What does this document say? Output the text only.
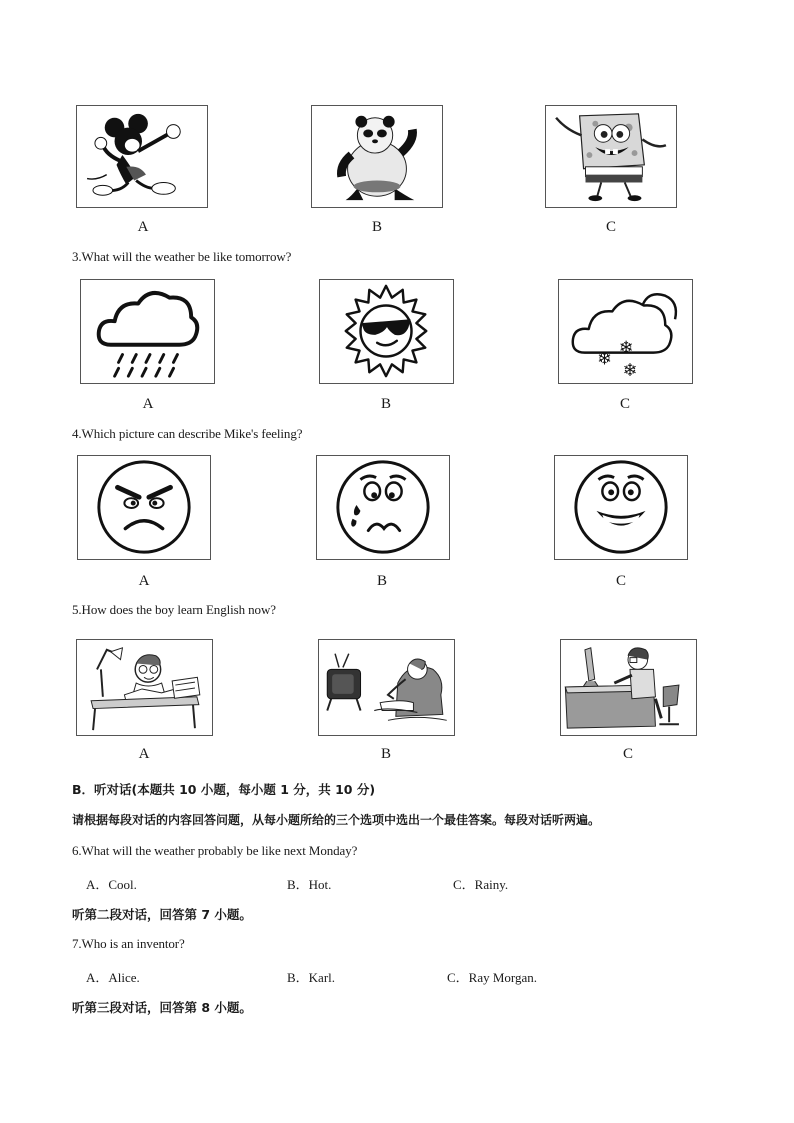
A	B	C
3.What will the weather be like tomorrow?
❄
❄
❄
A	B	C
4.Which picture can describe Mike's feeling?
A	B	C
5.How does the boy learn English now?
A	B	C
B．听对话(本题共 10 小题，每小题 1 分，共 10 分)
请根据每段对话的内容回答问题，从每小题所给的三个选项中选出一个最佳答案。每段对话听两遍。
6.What will the weather probably be like next Monday?
A．Cool.	B．Hot.	C．Rainy.
听第二段对话，回答第 7 小题。
7.Who is an inventor?
A．Alice.	B．Karl.	C．Ray Morgan.
听第三段对话，回答第 8 小题。
